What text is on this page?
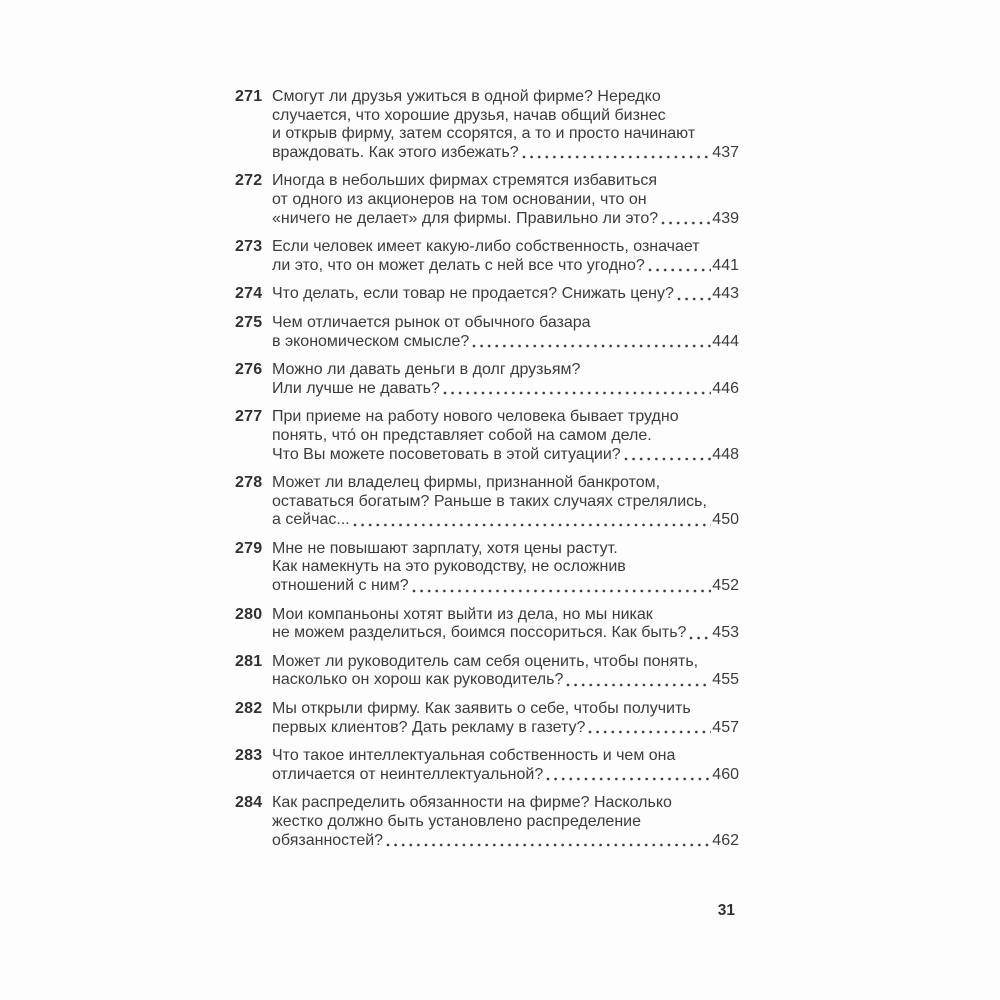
271 Смогут ли друзья ужиться в одной фирме? Нередко
случается, что хорошие друзья, начав общий бизнес
и открыв фирму, затем ссорятся, а то и просто начинают
враждовать. Как этого избежать?	437
272 Иногда в небольших фирмах стремятся избавиться
от одного из акционеров на том основании, что он
«ничего не делает» для фирмы. Правильно ли это?	439
273 Если человек имеет какую-либо собственность, означает
ли это, что он может делать с ней все что угодно?	441
274 Что делать, если товар не продается? Снижать цену? 443
275 Чем отличается рынок от обычного базара
в экономическом смысле?	444
276 Можно ли давать деньги в долг друзьям?
Или лучше не давать?	446
277 При приеме на работу нового человека бывает трудно
понять, что́ он представляет собой на самом деле.
Что Вы можете посоветовать в этой ситуации?	448
278 Может ли владелец фирмы, признанной банкротом,
оставаться богатым? Раньше в таких случаях стрелялись,
а сейчас...	450
279 Мне не повышают зарплату, хотя цены растут.
Как намекнуть на это руководству, не осложнив
отношений с ним?	452
280 Мои компаньоны хотят выйти из дела, но мы никак
не можем разделиться, боимся поссориться. Как быть? 453
281 Может ли руководитель сам себя оценить, чтобы понять,
насколько он хорош как руководитель?	455
282 Мы открыли фирму. Как заявить о себе, чтобы получить
первых клиентов? Дать рекламу в газету?	457
283 Что такое интеллектуальная собственность и чем она
отличается от неинтеллектуальной?	460
284 Как распределить обязанности на фирме? Насколько
жестко должно быть установлено распределение
обязанностей?	462
31
